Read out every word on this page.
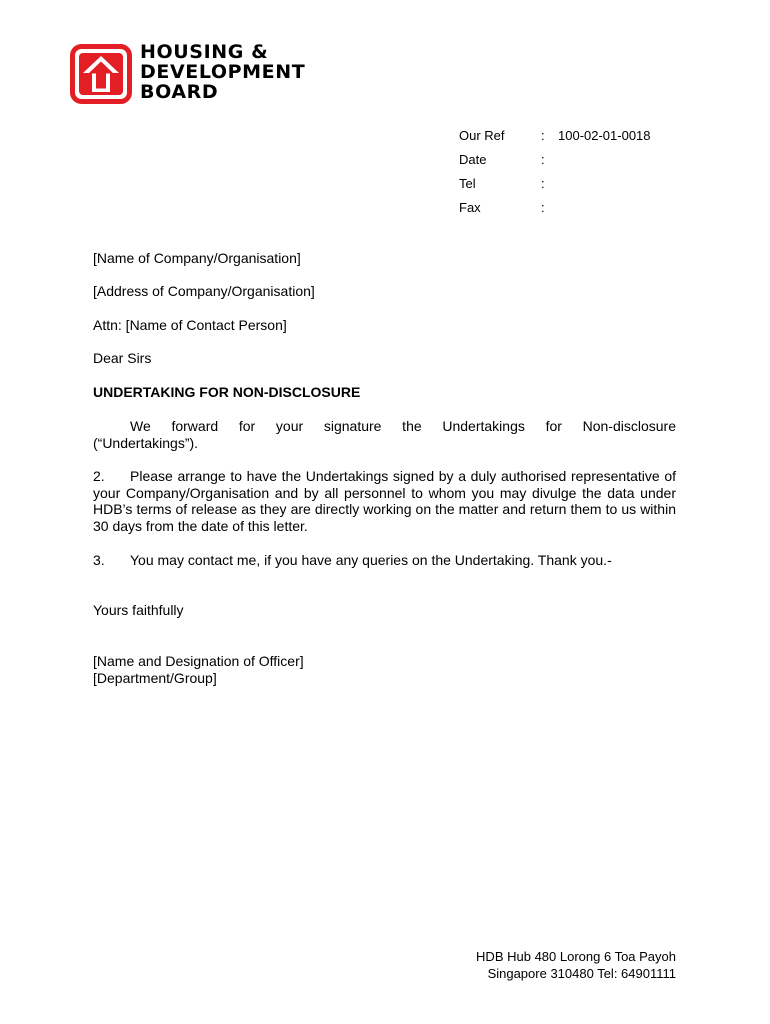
HOUSING &
DEVELOPMENT
BOARD
Our Ref	:	100-02-01-0018
Date	:
Tel	:
Fax	:
[Name of Company/Organisation]
[Address of Company/Organisation]
Attn: [Name of Contact Person]
Dear Sirs
UNDERTAKING FOR NON-DISCLOSURE
We forward for your signature the Undertakings for Non-disclosure
(“Undertakings”).
2. Please arrange to have the Undertakings signed by a duly authorised representative of your Company/Organisation and by all personnel to whom you may divulge the data under HDB’s terms of release as they are directly working on the matter and return them to us within 30 days from the date of this letter.
3. You may contact me, if you have any queries on the Undertaking. Thank you.-
Yours faithfully
[Name and Designation of Officer]
[Department/Group]
HDB Hub 480 Lorong 6 Toa Payoh
Singapore 310480 Tel: 64901111
